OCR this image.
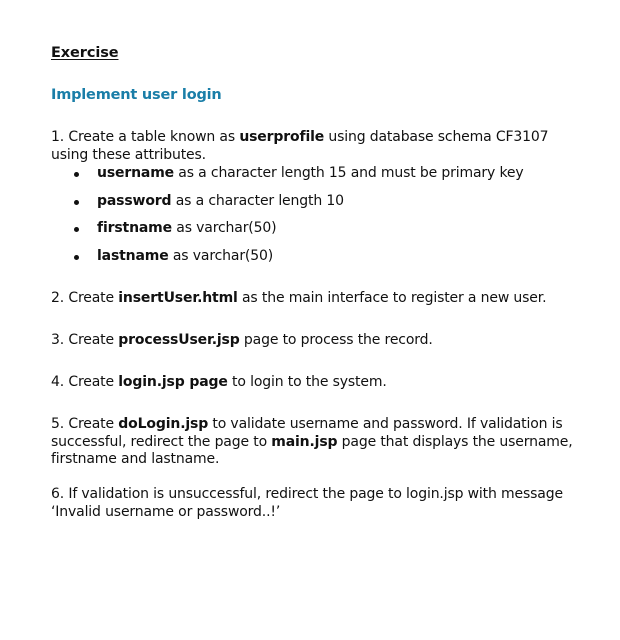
Exercise
Implement user login
1. Create a table known as userprofile using database schema CF3107 using these attributes.
username as a character length 15 and must be primary key
password as a character length 10
firstname as varchar(50)
lastname as varchar(50)
2. Create insertUser.html as the main interface to register a new user.
3. Create processUser.jsp page to process the record.
4. Create login.jsp page to login to the system.
5. Create doLogin.jsp to validate username and password. If validation is successful, redirect the page to main.jsp page that displays the username, firstname and lastname.
6. If validation is unsuccessful, redirect the page to login.jsp with message ‘Invalid username or password..!’
